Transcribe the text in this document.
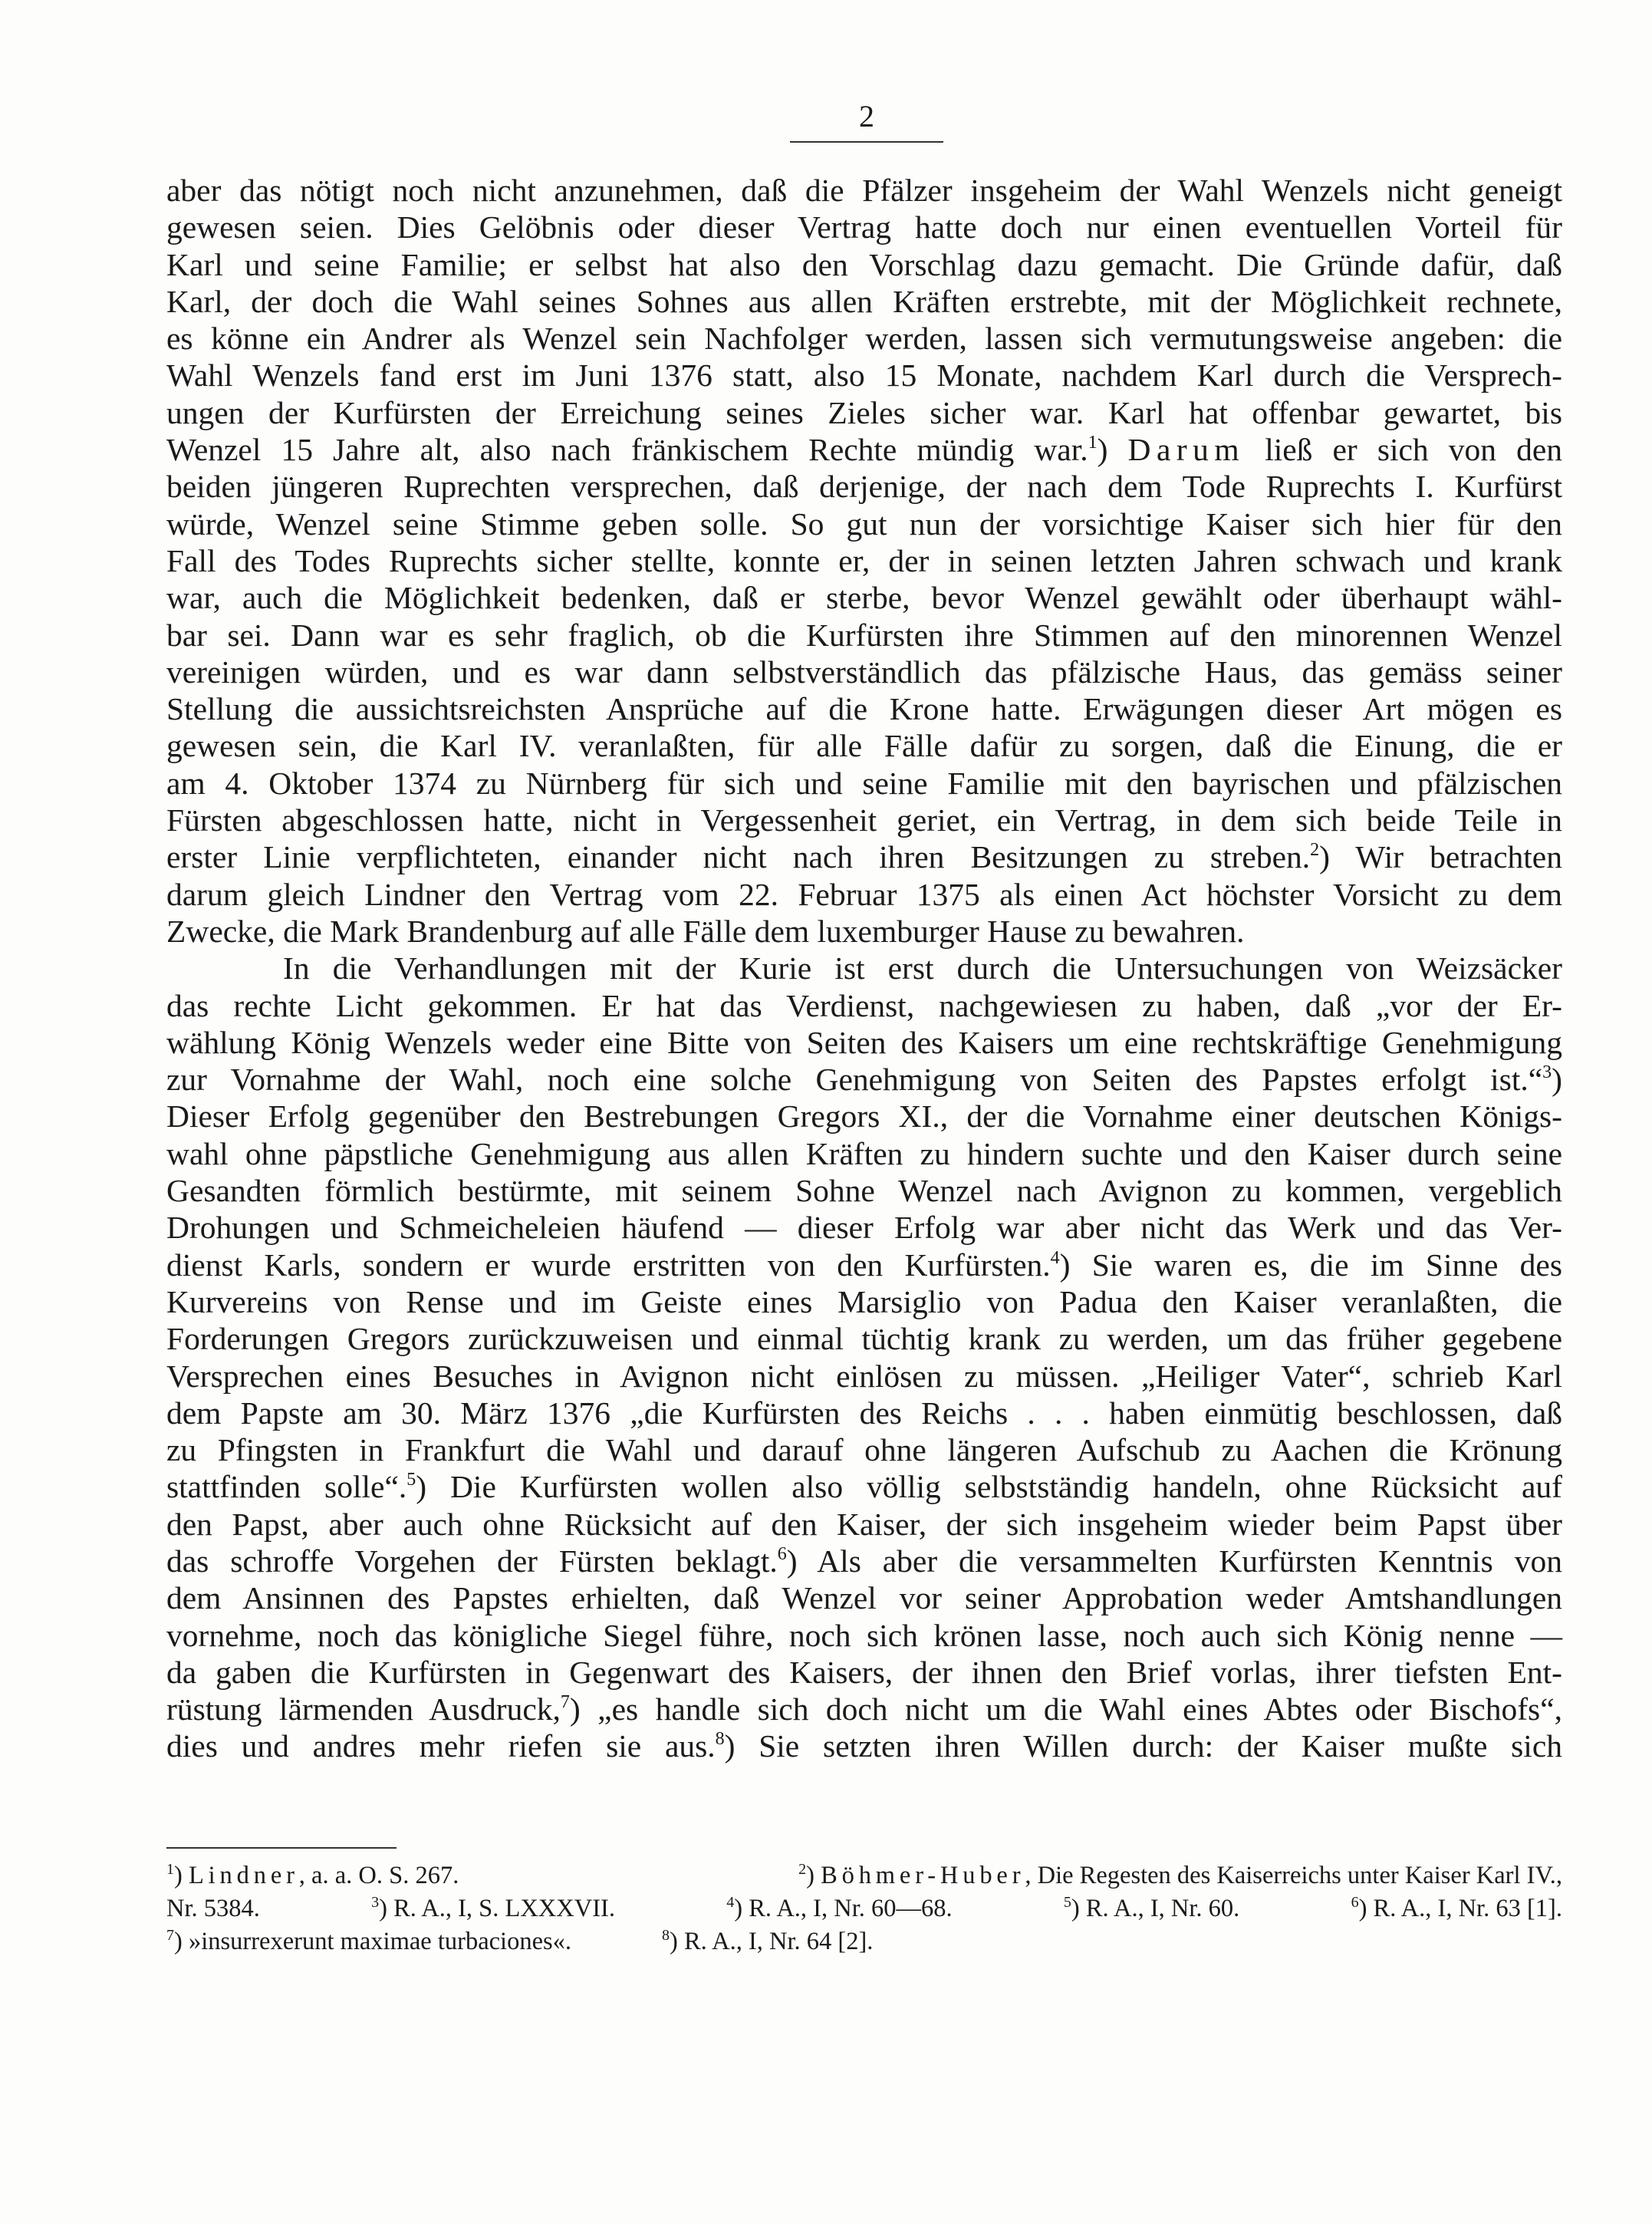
2
aber das nötigt noch nicht anzunehmen, daß die Pfälzer insgeheim der Wahl Wenzels nicht geneigt
gewesen seien. Dies Gelöbnis oder dieser Vertrag hatte doch nur einen eventuellen Vorteil für
Karl und seine Familie; er selbst hat also den Vorschlag dazu gemacht. Die Gründe dafür, daß
Karl, der doch die Wahl seines Sohnes aus allen Kräften erstrebte, mit der Möglichkeit rechnete,
es könne ein Andrer als Wenzel sein Nachfolger werden, lassen sich vermutungsweise angeben: die
Wahl Wenzels fand erst im Juni 1376 statt, also 15 Monate, nachdem Karl durch die Versprech-
ungen der Kurfürsten der Erreichung seines Zieles sicher war. Karl hat offenbar gewartet, bis
Wenzel 15 Jahre alt, also nach fränkischem Rechte mündig war.$^1$) Darum ließ er sich von den
beiden jüngeren Ruprechten versprechen, daß derjenige, der nach dem Tode Ruprechts I. Kurfürst
würde, Wenzel seine Stimme geben solle. So gut nun der vorsichtige Kaiser sich hier für den
Fall des Todes Ruprechts sicher stellte, konnte er, der in seinen letzten Jahren schwach und krank
war, auch die Möglichkeit bedenken, daß er sterbe, bevor Wenzel gewählt oder überhaupt wähl-
bar sei. Dann war es sehr fraglich, ob die Kurfürsten ihre Stimmen auf den minorennen Wenzel
vereinigen würden, und es war dann selbstverständlich das pfälzische Haus, das gemäss seiner
Stellung die aussichtsreichsten Ansprüche auf die Krone hatte. Erwägungen dieser Art mögen es
gewesen sein, die Karl IV. veranlaßten, für alle Fälle dafür zu sorgen, daß die Einung, die er
am 4. Oktober 1374 zu Nürnberg für sich und seine Familie mit den bayrischen und pfälzischen
Fürsten abgeschlossen hatte, nicht in Vergessenheit geriet, ein Vertrag, in dem sich beide Teile in
erster Linie verpflichteten, einander nicht nach ihren Besitzungen zu streben.$^2$) Wir betrachten
darum gleich Lindner den Vertrag vom 22. Februar 1375 als einen Act höchster Vorsicht zu dem
Zwecke, die Mark Brandenburg auf alle Fälle dem luxemburger Hause zu bewahren.
In die Verhandlungen mit der Kurie ist erst durch die Untersuchungen von Weizsäcker
das rechte Licht gekommen. Er hat das Verdienst, nachgewiesen zu haben, daß „vor der Er-
wählung König Wenzels weder eine Bitte von Seiten des Kaisers um eine rechtskräftige Genehmigung
zur Vornahme der Wahl, noch eine solche Genehmigung von Seiten des Papstes erfolgt ist.“$^3$)
Dieser Erfolg gegenüber den Bestrebungen Gregors XI., der die Vornahme einer deutschen Königs-
wahl ohne päpstliche Genehmigung aus allen Kräften zu hindern suchte und den Kaiser durch seine
Gesandten förmlich bestürmte, mit seinem Sohne Wenzel nach Avignon zu kommen, vergeblich
Drohungen und Schmeicheleien häufend — dieser Erfolg war aber nicht das Werk und das Ver-
dienst Karls, sondern er wurde erstritten von den Kurfürsten.$^4$) Sie waren es, die im Sinne des
Kurvereins von Rense und im Geiste eines Marsiglio von Padua den Kaiser veranlaßten, die
Forderungen Gregors zurückzuweisen und einmal tüchtig krank zu werden, um das früher gegebene
Versprechen eines Besuches in Avignon nicht einlösen zu müssen. „Heiliger Vater“, schrieb Karl
dem Papste am 30. März 1376 „die Kurfürsten des Reichs . . . haben einmütig beschlossen, daß
zu Pfingsten in Frankfurt die Wahl und darauf ohne längeren Aufschub zu Aachen die Krönung
stattfinden solle“.$^5$) Die Kurfürsten wollen also völlig selbstständig handeln, ohne Rücksicht auf
den Papst, aber auch ohne Rücksicht auf den Kaiser, der sich insgeheim wieder beim Papst über
das schroffe Vorgehen der Fürsten beklagt.$^6$) Als aber die versammelten Kurfürsten Kenntnis von
dem Ansinnen des Papstes erhielten, daß Wenzel vor seiner Approbation weder Amtshandlungen
vornehme, noch das königliche Siegel führe, noch sich krönen lasse, noch auch sich König nenne —
da gaben die Kurfürsten in Gegenwart des Kaisers, der ihnen den Brief vorlas, ihrer tiefsten Ent-
rüstung lärmenden Ausdruck,$^7$) „es handle sich doch nicht um die Wahl eines Abtes oder Bischofs“,
dies und andres mehr riefen sie aus.$^8$) Sie setzten ihren Willen durch: der Kaiser mußte sich
$^1$) Lindner, a. a. O. S. 267.	$^2$) Böhmer-Huber, Die Regesten des Kaiserreichs unter Kaiser Karl IV.,
Nr. 5384.	$^3$) R. A., I, S. LXXXVII.	$^4$) R. A., I, Nr. 60—68.	$^5$) R. A., I, Nr. 60.	$^6$) R. A., I, Nr. 63 [1].
$^7$) »insurrexerunt maximae turbaciones«.	$^8$) R. A., I, Nr. 64 [2].
